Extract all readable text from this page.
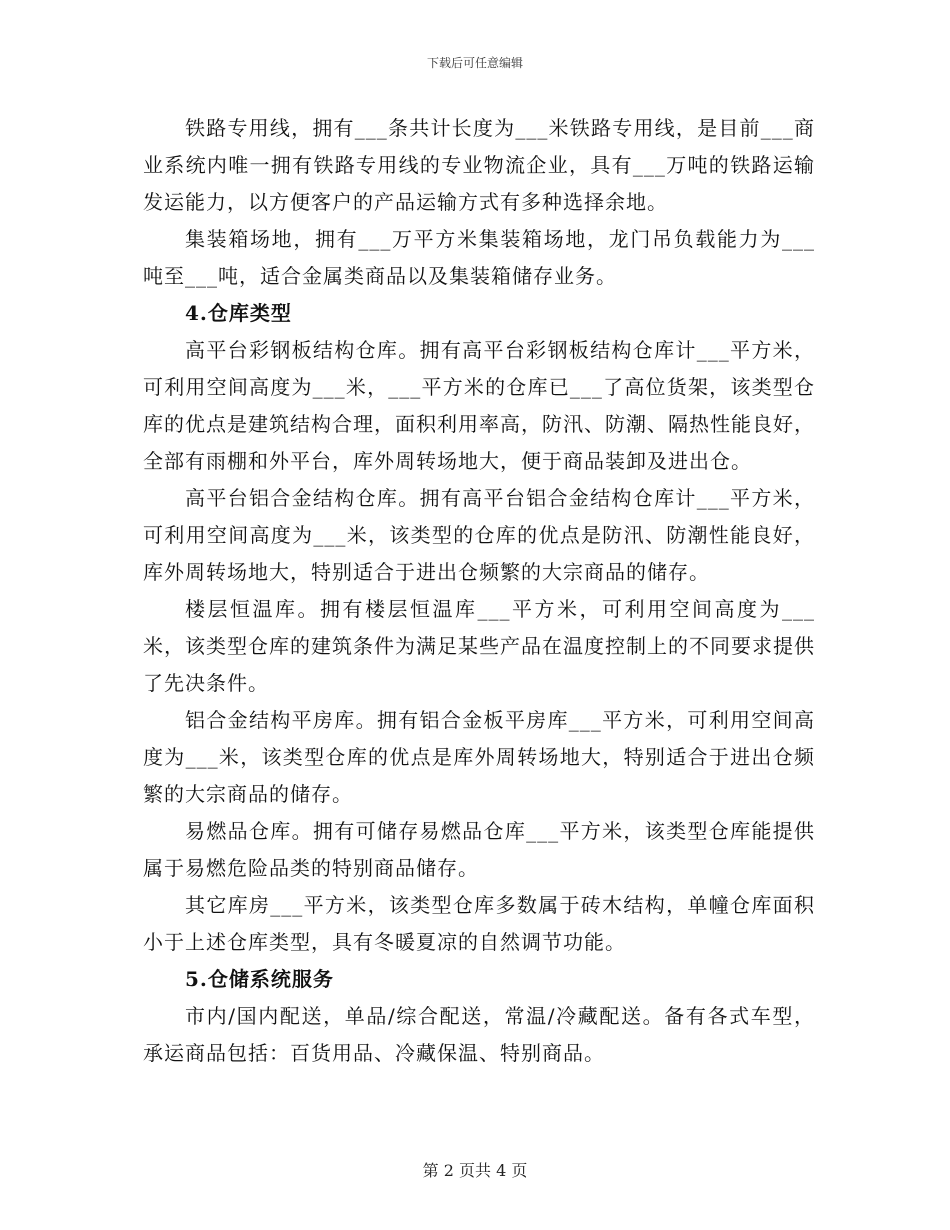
下载后可任意编辑

铁路专用线，拥有___条共计长度为___米铁路专用线，是目前___商业系统内唯一拥有铁路专用线的专业物流企业，具有___万吨的铁路运输发运能力，以方便客户的产品运输方式有多种选择余地。

集装箱场地，拥有___万平方米集装箱场地，龙门吊负载能力为___吨至___吨，适合金属类商品以及集装箱储存业务。

4.仓库类型

高平台彩钢板结构仓库。拥有高平台彩钢板结构仓库计___平方米，可利用空间高度为___米，___平方米的仓库已___了高位货架，该类型仓库的优点是建筑结构合理，面积利用率高，防汛、防潮、隔热性能良好，全部有雨棚和外平台，库外周转场地大，便于商品装卸及进出仓。

高平台铝合金结构仓库。拥有高平台铝合金结构仓库计___平方米，可利用空间高度为___米，该类型的仓库的优点是防汛、防潮性能良好，库外周转场地大，特别适合于进出仓频繁的大宗商品的储存。

楼层恒温库。拥有楼层恒温库___平方米，可利用空间高度为___米，该类型仓库的建筑条件为满足某些产品在温度控制上的不同要求提供了先决条件。

铝合金结构平房库。拥有铝合金板平房库___平方米，可利用空间高度为___米，该类型仓库的优点是库外周转场地大，特别适合于进出仓频繁的大宗商品的储存。

易燃品仓库。拥有可储存易燃品仓库___平方米，该类型仓库能提供属于易燃危险品类的特别商品储存。

其它库房___平方米，该类型仓库多数属于砖木结构，单幢仓库面积小于上述仓库类型，具有冬暖夏凉的自然调节功能。

5.仓储系统服务

市内/国内配送，单品/综合配送，常温/冷藏配送。备有各式车型，承运商品包括：百货用品、冷藏保温、特别商品。

第 2 页共 4 页
